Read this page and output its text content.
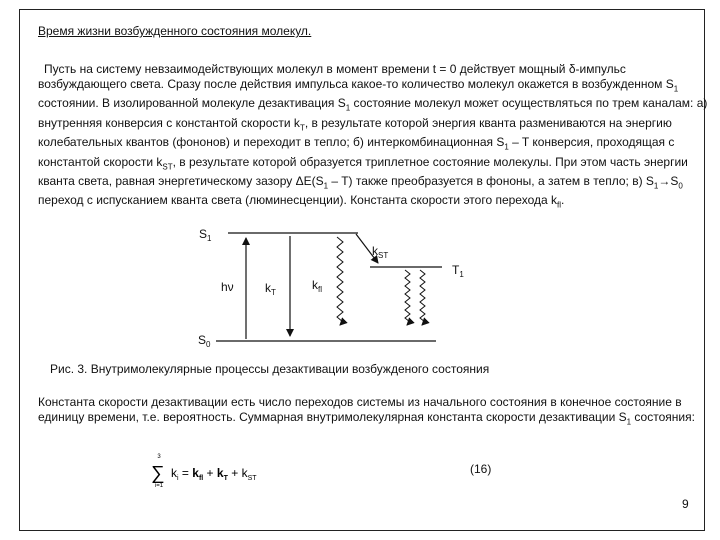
Время жизни возбужденного состояния молекул.

Пусть на систему невзаимодействующих молекул в момент времени t = 0 действует мощный δ-импульс возбуждающего света. Сразу после действия импульса какое-то количество молекул окажется в возбужденном $S_1$ состоянии. В изолированной молекуле дезактивация $S_1$ состояние молекул может осуществляться по трем каналам: а) внутренняя конверсия с константой скорости $k_T$, в результате которой энергия кванта размениваются на энергию колебательных квантов (фононов) и переходит в тепло; б) интеркомбинационная $S_1$ – T конверсия, проходящая с константой скорости $k_{ST}$, в результате которой образуется триплетное состояние молекулы. При этом часть энергии кванта света, равная энергетическому зазору $\Delta E(S_1 - T)$ также преобразуется в фононы, а затем в тепло; в) $S_1\to S_0$ переход с испусканием кванта света (люминесценции). Константа скорости этого перехода $k_{fl}$.

$S_1$
$S_0$
$T_1$
hν	$k_T$
$k_{fl}$
$k_{ST}$
Рис. 3. Внутримолекулярные процессы дезактивации возбужденого состояния

Константа скорости дезактивации есть число переходов системы из начального состояния в конечное состояние в единицу времени, т.е. вероятность. Суммарная внутримолекулярная константа скорости дезактивации $S_1$ состояния:

3
∑
i=1
$k_i = k_{fl} + k_T + k_{ST}$
(16)
9
